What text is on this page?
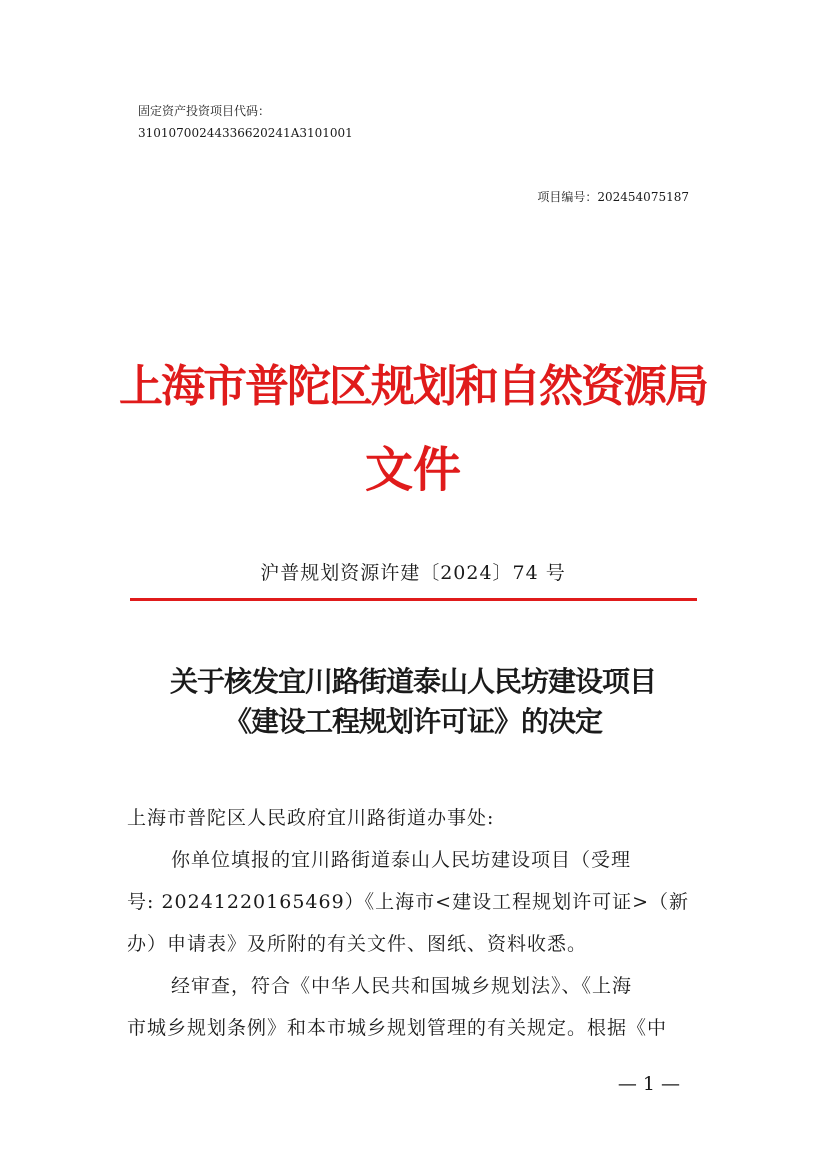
固定资产投资项目代码：
31010700244336620241A3101001
项目编号：202454075187
上海市普陀区规划和自然资源局
文件
沪普规划资源许建〔2024〕74 号
关于核发宜川路街道泰山人民坊建设项目
《建设工程规划许可证》的决定
上海市普陀区人民政府宜川路街道办事处:
你单位填报的宜川路街道泰山人民坊建设项目（受理
号: 20241220165469）《上海市<建设工程规划许可证>（新
办）申请表》及所附的有关文件、图纸、资料收悉。
经审查，符合《中华人民共和国城乡规划法》、《上海
市城乡规划条例》和本市城乡规划管理的有关规定。根据《中
— 1 —
